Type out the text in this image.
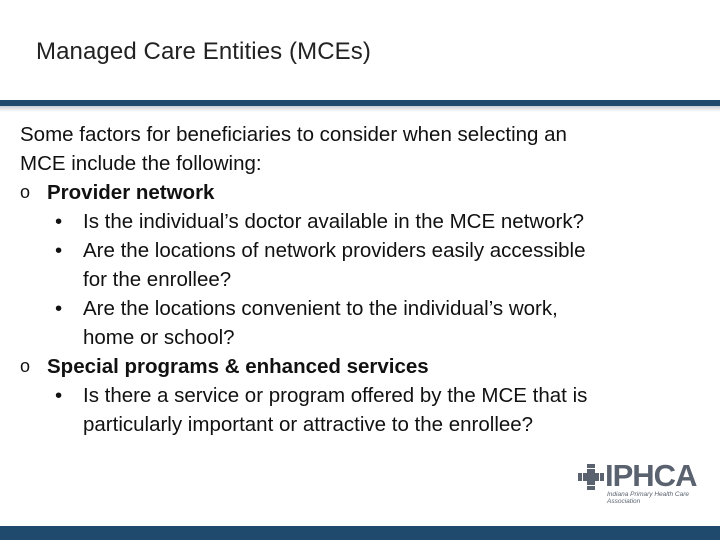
Managed Care Entities (MCEs)
Some factors for beneficiaries to consider when selecting an
MCE include the following:
o Provider network
• Is the individual’s doctor available in the MCE network?
• Are the locations of network providers easily accessible
for the enrollee?
• Are the locations convenient to the individual’s work,
home or school?
o Special programs & enhanced services
• Is there a service or program offered by the MCE that is
particularly important or attractive to the enrollee?
IPHCA
Indiana Primary Health Care Association
